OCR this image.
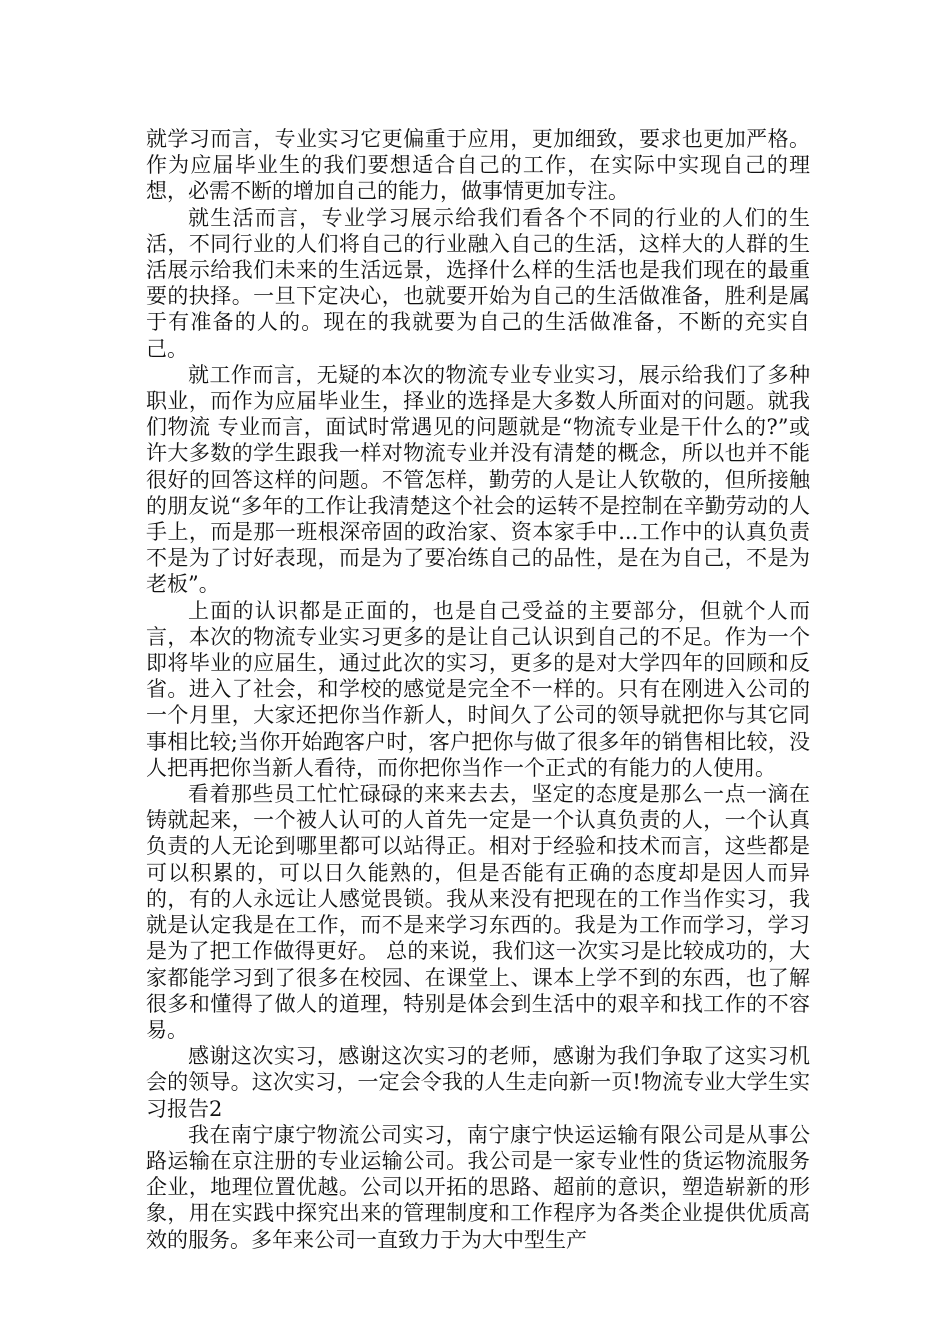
就学习而言，专业实习它更偏重于应用，更加细致，要求也更加严格。作为应届毕业生的我们要想适合自己的工作，在实际中实现自己的理想，必需不断的增加自己的能力，做事情更加专注。

就生活而言，专业学习展示给我们看各个不同的行业的人们的生活，不同行业的人们将自己的行业融入自己的生活，这样大的人群的生活展示给我们未来的生活远景，选择什么样的生活也是我们现在的最重要的抉择。一旦下定决心，也就要开始为自己的生活做准备，胜利是属于有准备的人的。现在的我就要为自己的生活做准备，不断的充实自己。

就工作而言，无疑的本次的物流专业专业实习，展示给我们了多种职业，而作为应届毕业生，择业的选择是大多数人所面对的问题。就我们物流 专业而言，面试时常遇见的问题就是“物流专业是干什么的?”或许大多数的学生跟我一样对物流专业并没有清楚的概念，所以也并不能很好的回答这样的问题。不管怎样，勤劳的人是让人钦敬的，但所接触的朋友说“多年的工作让我清楚这个社会的运转不是控制在辛勤劳动的人手上，而是那一班根深帝固的政治家、资本家手中...工作中的认真负责不是为了讨好表现，而是为了要冶练自己的品性，是在为自己，不是为老板”。

上面的认识都是正面的，也是自己受益的主要部分，但就个人而言，本次的物流专业实习更多的是让自己认识到自己的不足。作为一个即将毕业的应届生，通过此次的实习，更多的是对大学四年的回顾和反省。进入了社会，和学校的感觉是完全不一样的。只有在刚进入公司的一个月里，大家还把你当作新人，时间久了公司的领导就把你与其它同事相比较;当你开始跑客户时，客户把你与做了很多年的销售相比较，没人把再把你当新人看待，而你把你当作一个正式的有能力的人使用。

看着那些员工忙忙碌碌的来来去去，坚定的态度是那么一点一滴在铸就起来，一个被人认可的人首先一定是一个认真负责的人，一个认真负责的人无论到哪里都可以站得正。相对于经验和技术而言，这些都是可以积累的，可以日久能熟的，但是否能有正确的态度却是因人而异的，有的人永远让人感觉畏锁。我从来没有把现在的工作当作实习，我就是认定我是在工作，而不是来学习东西的。我是为工作而学习，学习是为了把工作做得更好。 总的来说，我们这一次实习是比较成功的，大家都能学习到了很多在校园、在课堂上、课本上学不到的东西，也了解很多和懂得了做人的道理，特别是体会到生活中的艰辛和找工作的不容易。

感谢这次实习，感谢这次实习的老师，感谢为我们争取了这实习机会的领导。这次实习，一定会令我的人生走向新一页!物流专业大学生实习报告2

我在南宁康宁物流公司实习，南宁康宁快运运输有限公司是从事公路运输在京注册的专业运输公司。我公司是一家专业性的货运物流服务企业，地理位置优越。公司以开拓的思路、超前的意识，塑造崭新的形象，用在实践中探究出来的管理制度和工作程序为各类企业提供优质高效的服务。多年来公司一直致力于为大中型生产
